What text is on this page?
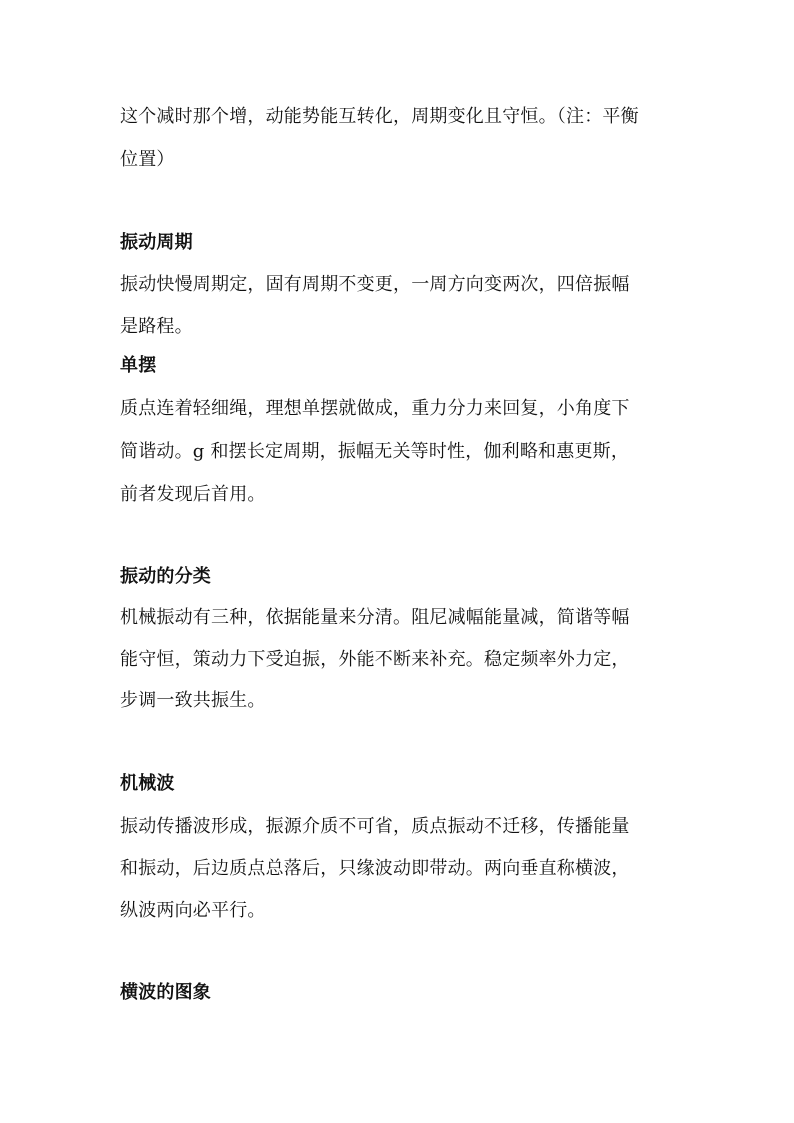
这个减时那个增，动能势能互转化，周期变化且守恒。（注：平衡
位置）
振动周期
振动快慢周期定，固有周期不变更，一周方向变两次，四倍振幅
是路程。
单摆
质点连着轻细绳，理想单摆就做成，重力分力来回复，小角度下
简谐动。g 和摆长定周期，振幅无关等时性，伽利略和惠更斯，
前者发现后首用。
振动的分类
机械振动有三种，依据能量来分清。阻尼减幅能量减，简谐等幅
能守恒，策动力下受迫振，外能不断来补充。稳定频率外力定，
步调一致共振生。
机械波
振动传播波形成，振源介质不可省，质点振动不迁移，传播能量
和振动，后边质点总落后，只缘波动即带动。两向垂直称横波，
纵波两向必平行。
横波的图象
